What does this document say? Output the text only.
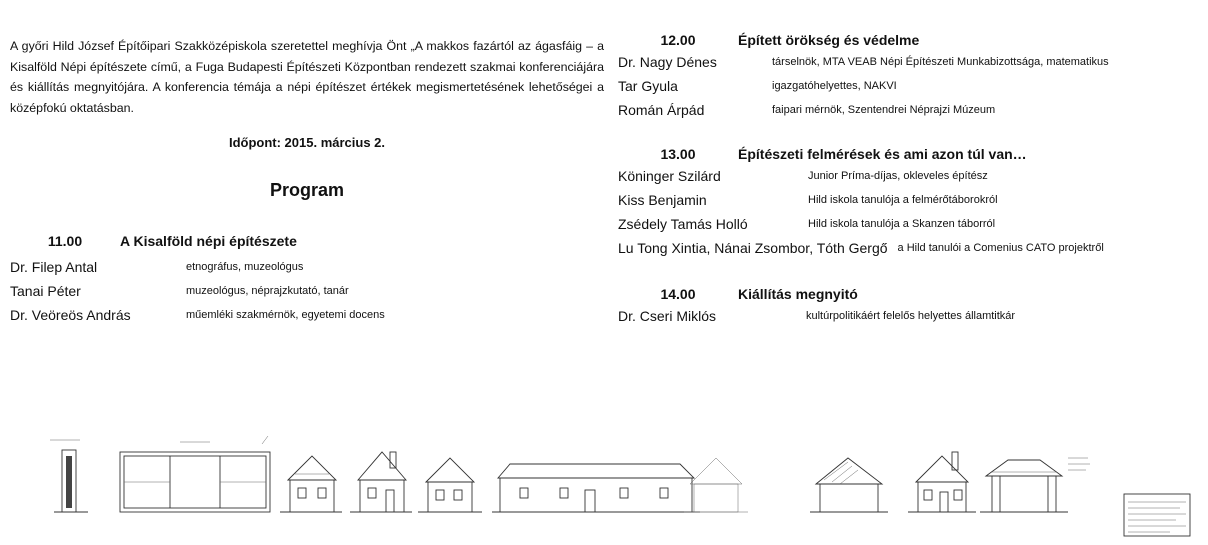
A győri Hild József Építőipari Szakközépiskola szeretettel meghívja Önt „A makkos fazártól az ágasfáig – a Kisalföld Népi építészete című, a Fuga Budapesti Építészeti Központban rendezett szakmai konferenciájára és kiállítás megnyitójára. A konferencia témája a népi építészet értékek megismertetésének lehetőségei a középfokú oktatásban.

Időpont: 2015. március 2.
Program
11.00	A Kisalföld népi építészete
Dr. Filep Antal	etnográfus, muzeológus
Tanai Péter	muzeológus, néprajzkutató, tanár
Dr. Veöreös András	műemléki szakmérnök, egyetemi docens
12.00	Épített örökség és védelme
Dr. Nagy Dénes	társelnök, MTA VEAB Népi Építészeti Munkabizottsága, matematikus
Tar Gyula	igazgatóhelyettes, NAKVI
Román Árpád	faipari mérnök, Szentendrei Néprajzi Múzeum
13.00	Építészeti felmérések és ami azon túl van…
Köninger Szilárd	Junior Príma-díjas, okleveles építész
Kiss Benjamin	Hild iskola tanulója a felmérőtáborokról
Zsédely Tamás Holló	Hild iskola tanulója a Skanzen táborról
Lu Tong Xintia, Nánai Zsombor, Tóth Gergő a Hild tanulói a Comenius CATO projektről
14.00	Kiállítás megnyitó
Dr. Cseri Miklós	kultúrpolitikáért felelős helyettes államtitkár
